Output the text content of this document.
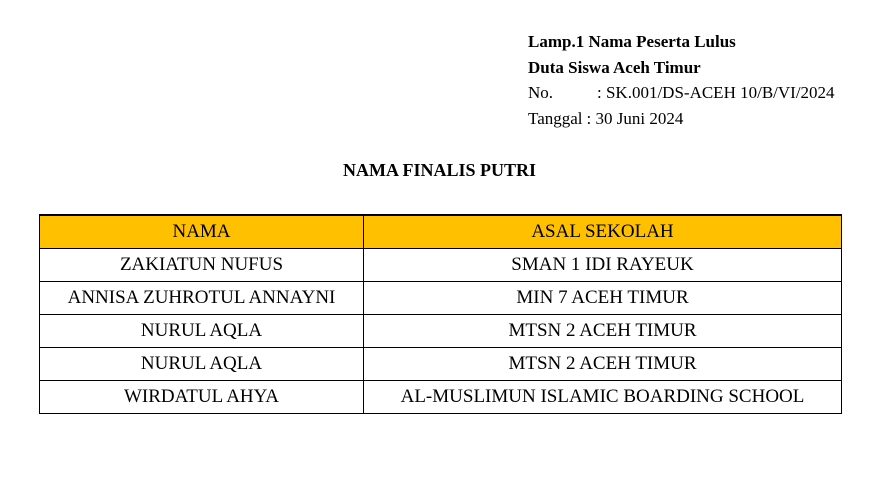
Lamp.1 Nama Peserta Lulus
Duta Siswa Aceh Timur
No.	: SK.001/DS-ACEH 10/B/VI/2024
Tanggal : 30 Juni 2024
NAMA FINALIS PUTRI
NAMA	ASAL SEKOLAH
ZAKIATUN NUFUS	SMAN 1 IDI RAYEUK
ANNISA ZUHROTUL ANNAYNI	MIN 7 ACEH TIMUR
NURUL AQLA	MTSN 2 ACEH TIMUR
NURUL AQLA	MTSN 2 ACEH TIMUR
WIRDATUL AHYA	AL-MUSLIMUN ISLAMIC BOARDING SCHOOL
